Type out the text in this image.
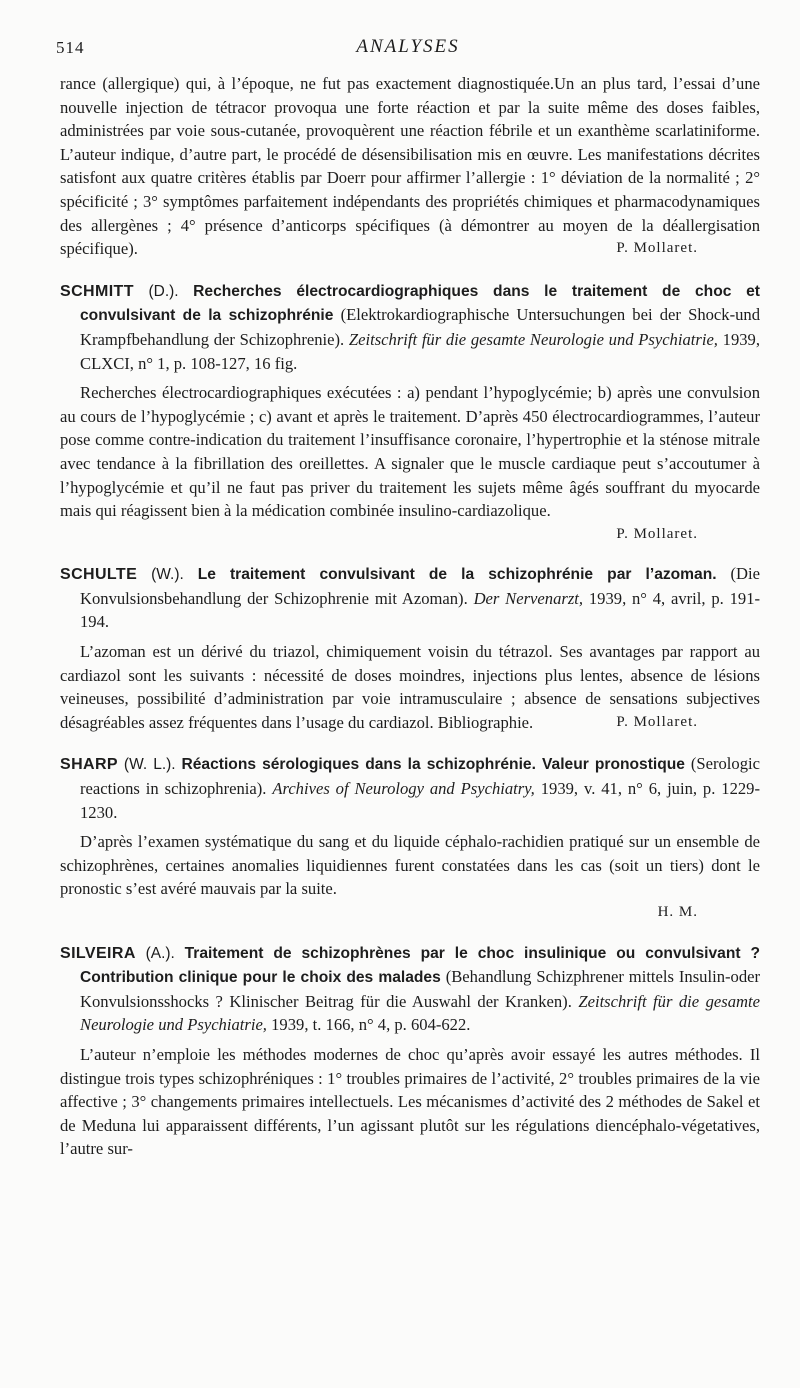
514	ANALYSES

rance (allergique) qui, à l’époque, ne fut pas exactement diagnostiquée.Un an plus tard, l’essai d’une nouvelle injection de tétracor provoqua une forte réaction et par la suite même des doses faibles, administrées par voie sous-cutanée, provoquèrent une réaction fébrile et un exanthème scarlatiniforme. L’auteur indique, d’autre part, le procédé de désensibilisation mis en œuvre. Les manifestations décrites satisfont aux quatre critères établis par Doerr pour affirmer l’allergie : 1° déviation de la normalité ; 2° spécificité ; 3° symptômes parfaitement indépendants des propriétés chimiques et pharmacodynamiques des allergènes ; 4° présence d’anticorps spécifiques (à démontrer au moyen de la déallergisation spécifique).	P. Mollaret.

SCHMITT (D.). Recherches électrocardiographiques dans le traitement de choc et convulsivant de la schizophrénie (Elektrokardiographische Untersuchungen bei der Shock-und Krampfbehandlung der Schizophrenie). Zeitschrift für die gesamte Neurologie und Psychiatrie, 1939, CLXCI, n° 1, p. 108-127, 16 fig.

Recherches électrocardiographiques exécutées : a) pendant l’hypoglycémie; b) après une convulsion au cours de l’hypoglycémie ; c) avant et après le traitement. D’après 450 électrocardiogrammes, l’auteur pose comme contre-indication du traitement l’insuffisance coronaire, l’hypertrophie et la sténose mitrale avec tendance à la fibrillation des oreillettes. A signaler que le muscle cardiaque peut s’accoutumer à l’hypoglycémie et qu’il ne faut pas priver du traitement les sujets même âgés souffrant du myocarde mais qui réagissent bien à la médication combinée insulino-cardiazolique.

P. Mollaret.

SCHULTE (W.). Le traitement convulsivant de la schizophrénie par l’azoman. (Die Konvulsionsbehandlung der Schizophrenie mit Azoman). Der Nervenarzt, 1939, n° 4, avril, p. 191-194.

L’azoman est un dérivé du triazol, chimiquement voisin du tétrazol. Ses avantages par rapport au cardiazol sont les suivants : nécessité de doses moindres, injections plus lentes, absence de lésions veineuses, possibilité d’administration par voie intramusculaire ; absence de sensations subjectives désagréables assez fréquentes dans l’usage du cardiazol. Bibliographie.	P. Mollaret.

SHARP (W. L.). Réactions sérologiques dans la schizophrénie. Valeur pronostique (Serologic reactions in schizophrenia). Archives of Neurology and Psychiatry, 1939, v. 41, n° 6, juin, p. 1229-1230.

D’après l’examen systématique du sang et du liquide céphalo-rachidien pratiqué sur un ensemble de schizophrènes, certaines anomalies liquidiennes furent constatées dans les cas (soit un tiers) dont le pronostic s’est avéré mauvais par la suite.

H. M.

SILVEIRA (A.). Traitement de schizophrènes par le choc insulinique ou convulsivant ? Contribution clinique pour le choix des malades (Behandlung Schizphrener mittels Insulin-oder Konvulsionsshocks ? Klinischer Beitrag für die Auswahl der Kranken). Zeitschrift für die gesamte Neurologie und Psychiatrie, 1939, t. 166, n° 4, p. 604-622.

L’auteur n’emploie les méthodes modernes de choc qu’après avoir essayé les autres méthodes. Il distingue trois types schizophréniques : 1° troubles primaires de l’activité, 2° troubles primaires de la vie affective ; 3° changements primaires intellectuels. Les mécanismes d’activité des 2 méthodes de Sakel et de Meduna lui apparaissent différents, l’un agissant plutôt sur les régulations diencéphalo-végetatives, l’autre sur-
